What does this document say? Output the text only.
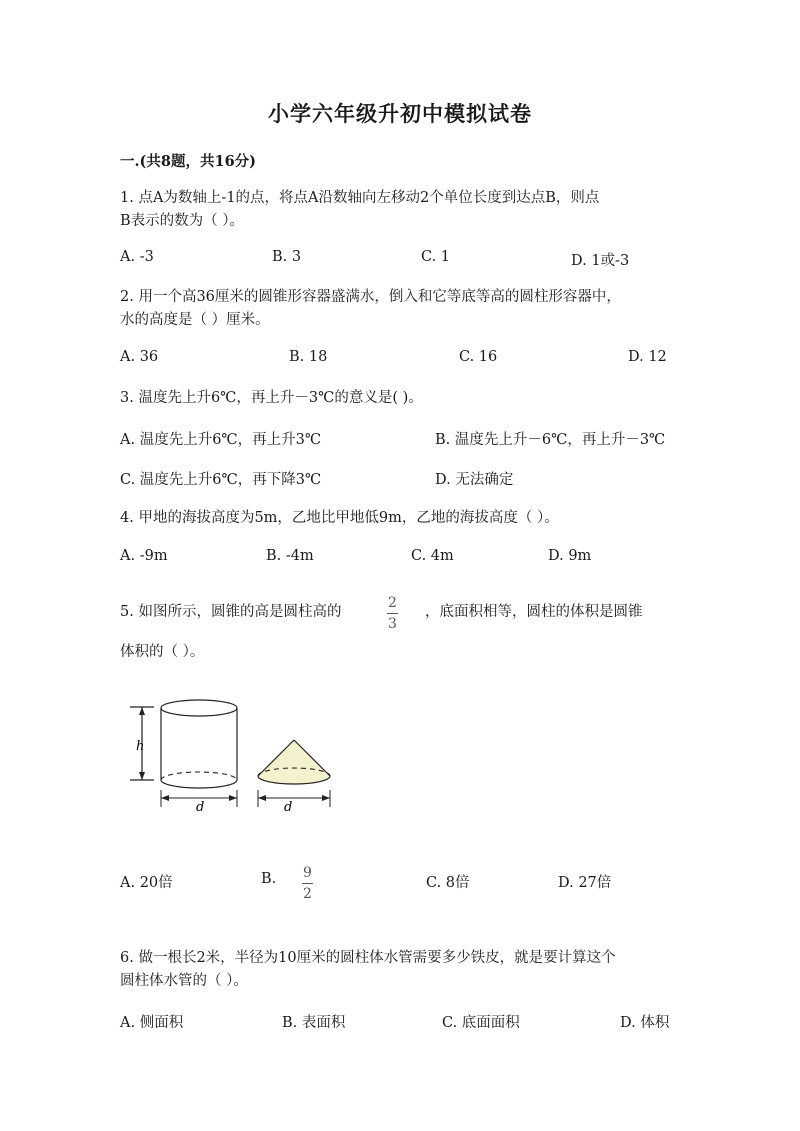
小学六年级升初中模拟试卷
一.(共8题，共16分)
1. 点A为数轴上-1的点，将点A沿数轴向左移动2个单位长度到达点B，则点
B表示的数为（ ）。
A. -3	B. 3	C. 1	D. 1或-3
2. 用一个高36厘米的圆锥形容器盛满水，倒入和它等底等高的圆柱形容器中，
水的高度是（ ）厘米。
A. 36	B. 18	C. 16	D. 12
3. 温度先上升6℃，再上升－3℃的意义是( )。
A. 温度先上升6℃，再上升3℃	B. 温度先上升－6℃，再上升－3℃
C. 温度先上升6℃，再下降3℃	D. 无法确定
4. 甲地的海拔高度为5m，乙地比甲地低9m，乙地的海拔高度（ ）。
A. -9m	B. -4m	C. 4m	D. 9m
5. 如图所示，圆锥的高是圆柱高的
2
3
，底面积相等，圆柱的体积是圆锥
体积的（ ）。
h
d	d
A. 20倍	B. 9
2
C. 8倍	D. 27倍
6. 做一根长2米，半径为10厘米的圆柱体水管需要多少铁皮，就是要计算这个
圆柱体水管的（ ）。
A. 侧面积	B. 表面积	C. 底面面积	D. 体积
